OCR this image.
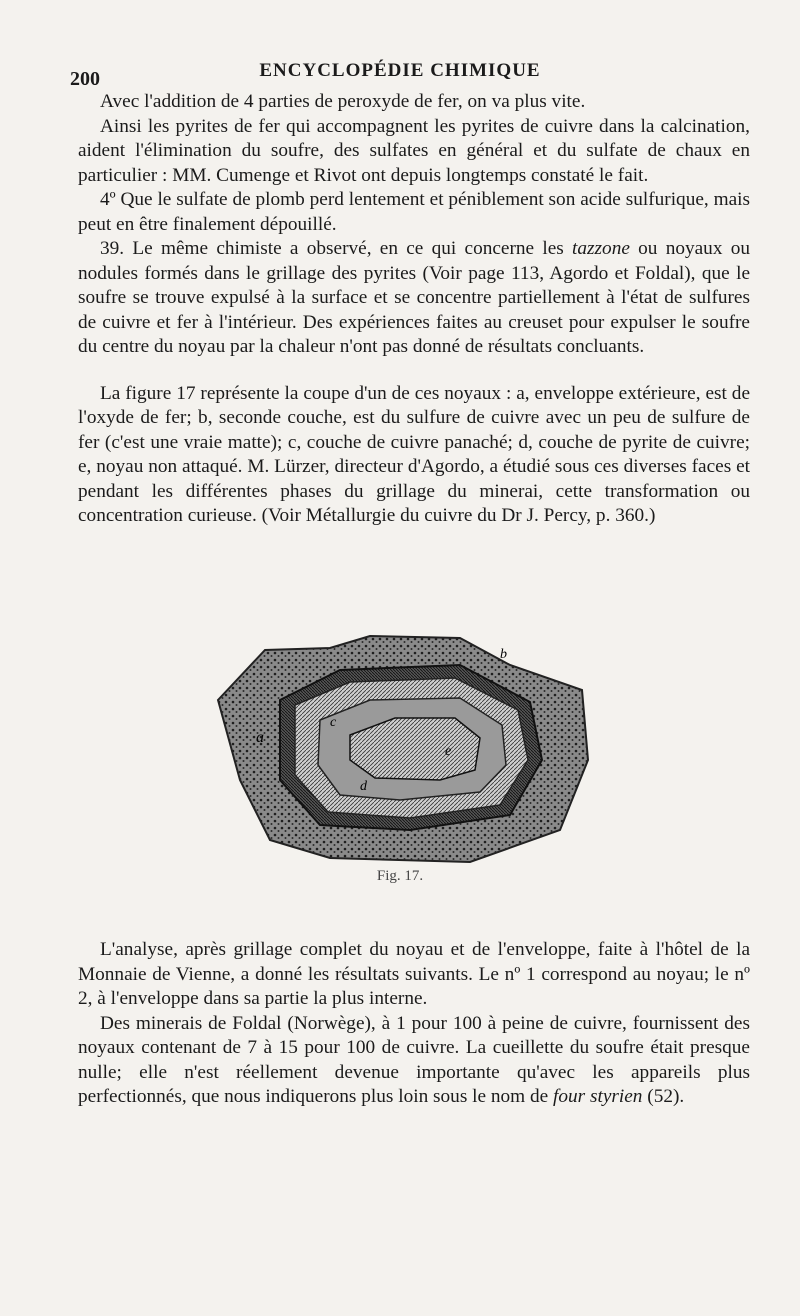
200	ENCYCLOPÉDIE CHIMIQUE

Avec l'addition de 4 parties de peroxyde de fer, on va plus vite.

Ainsi les pyrites de fer qui accompagnent les pyrites de cuivre dans la calcination, aident l'élimination du soufre, des sulfates en général et du sulfate de chaux en particulier : MM. Cumenge et Rivot ont depuis longtemps constaté le fait.

4º Que le sulfate de plomb perd lentement et péniblement son acide sulfurique, mais peut en être finalement dépouillé.

39. Le même chimiste a observé, en ce qui concerne les tazzone ou noyaux ou nodules formés dans le grillage des pyrites (Voir page 113, Agordo et Foldal), que le soufre se trouve expulsé à la surface et se concentre partiellement à l'état de sulfures de cuivre et fer à l'intérieur. Des expériences faites au creuset pour expulser le soufre du centre du noyau par la chaleur n'ont pas donné de résultats concluants.

La figure 17 représente la coupe d'un de ces noyaux : a, enveloppe extérieure, est de l'oxyde de fer; b, seconde couche, est du sulfure de cuivre avec un peu de sulfure de fer (c'est une vraie matte); c, couche de cuivre panaché; d, couche de pyrite de cuivre; e, noyau non attaqué. M. Lürzer, directeur d'Agordo, a étudié sous ces diverses faces et pendant les différentes phases du grillage du minerai, cette transformation ou concentration curieuse. (Voir Métallurgie du cuivre du Dr J. Percy, p. 360.)

a
b
c
d
e
Fig. 17.

L'analyse, après grillage complet du noyau et de l'enveloppe, faite à l'hôtel de la Monnaie de Vienne, a donné les résultats suivants. Le nº 1 correspond au noyau; le nº 2, à l'enveloppe dans sa partie la plus interne.

Des minerais de Foldal (Norwège), à 1 pour 100 à peine de cuivre, fournissent des noyaux contenant de 7 à 15 pour 100 de cuivre. La cueillette du soufre était presque nulle; elle n'est réellement devenue importante qu'avec les appareils plus perfectionnés, que nous indiquerons plus loin sous le nom de four styrien (52).
